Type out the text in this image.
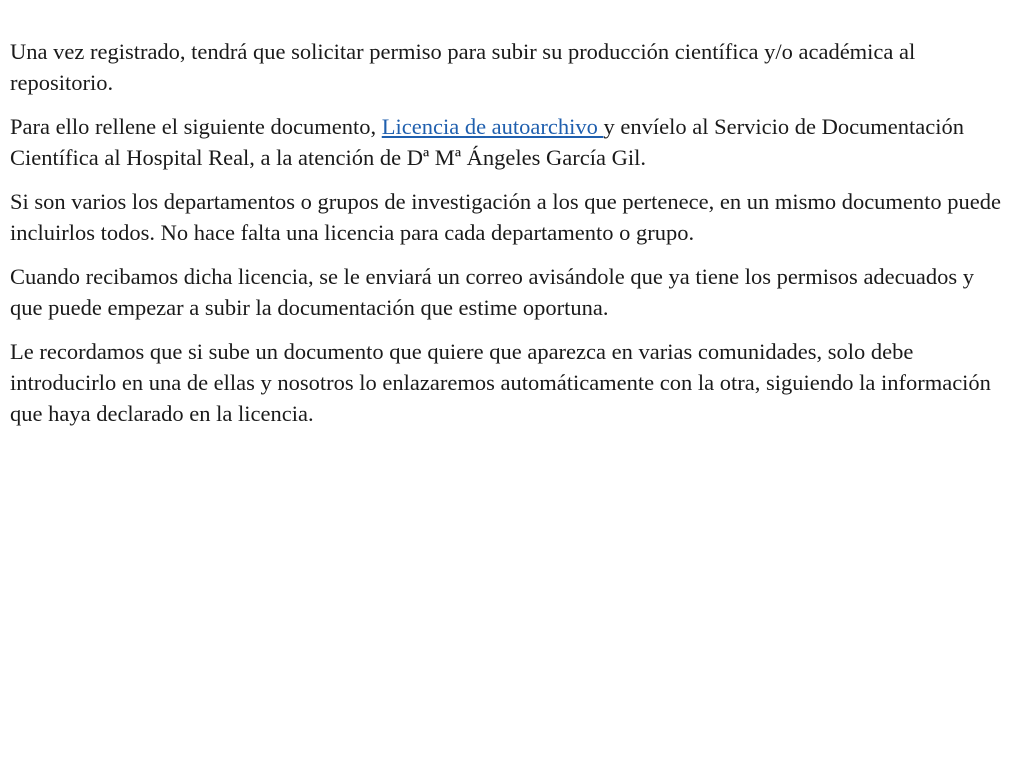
Una vez registrado, tendrá que solicitar permiso para subir su producción científica y/o académica al repositorio.

Para ello rellene el siguiente documento, Licencia de autoarchivo y envíelo al Servicio de Documentación Científica al Hospital Real, a la atención de Dª Mª Ángeles García Gil.

Si son varios los departamentos o grupos de investigación a los que pertenece, en un mismo documento puede incluirlos todos. No hace falta una licencia para cada departamento o grupo.

Cuando recibamos dicha licencia, se le enviará un correo avisándole que ya tiene los permisos adecuados y que puede empezar a subir la documentación que estime oportuna.

Le recordamos que si sube un documento que quiere que aparezca en varias comunidades, solo debe introducirlo en una de ellas y nosotros lo enlazaremos automáticamente con la otra, siguiendo la información que haya declarado en la licencia.
